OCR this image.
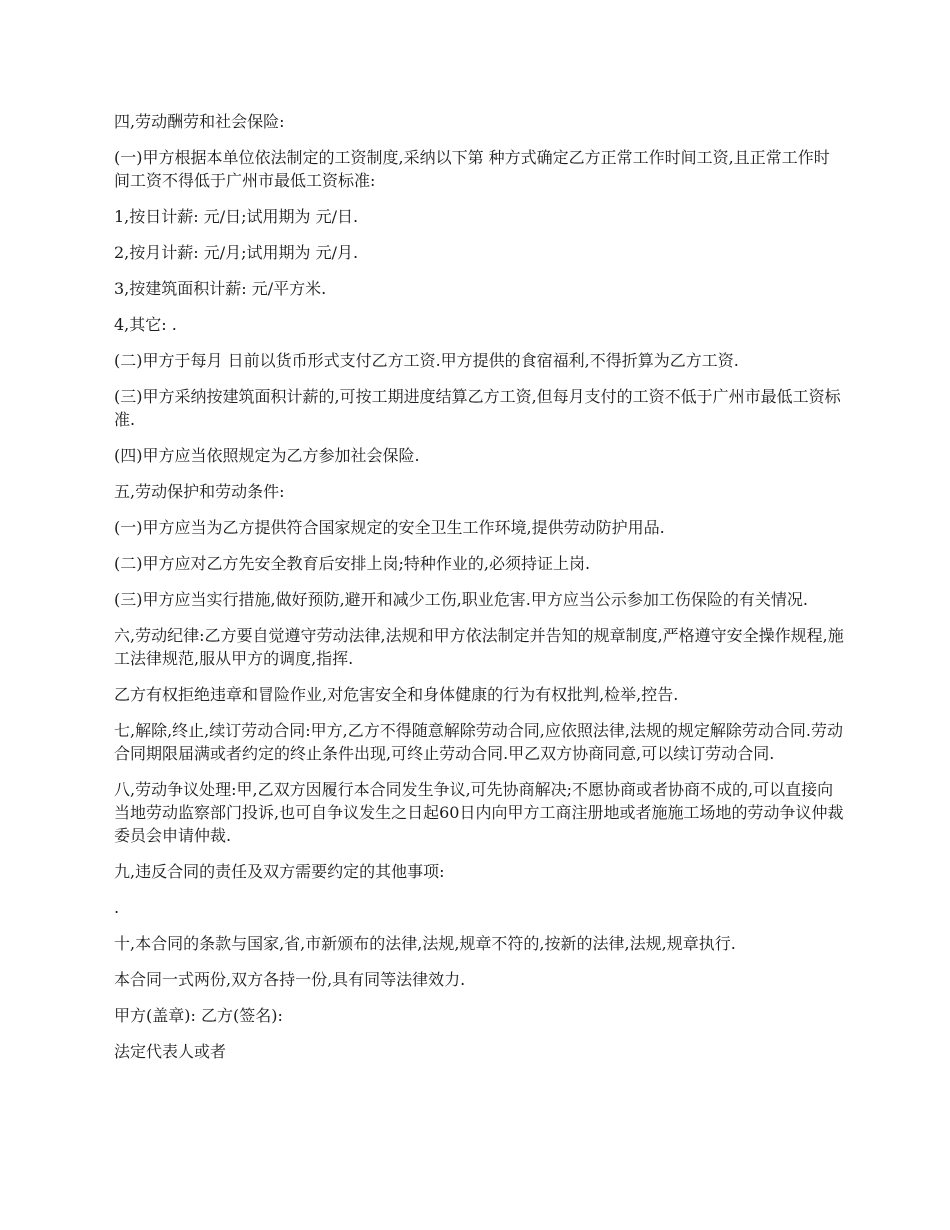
四,劳动酬劳和社会保险:

(一)甲方根据本单位依法制定的工资制度,采纳以下第 种方式确定乙方正常工作时间工资,且正常工作时间工资不得低于广州市最低工资标准:

1,按日计薪: 元/日;试用期为 元/日.

2,按月计薪: 元/月;试用期为 元/月.

3,按建筑面积计薪: 元/平方米.

4,其它: .

(二)甲方于每月 日前以货币形式支付乙方工资.甲方提供的食宿福利,不得折算为乙方工资.

(三)甲方采纳按建筑面积计薪的,可按工期进度结算乙方工资,但每月支付的工资不低于广州市最低工资标准.

(四)甲方应当依照规定为乙方参加社会保险.

五,劳动保护和劳动条件:

(一)甲方应当为乙方提供符合国家规定的安全卫生工作环境,提供劳动防护用品.

(二)甲方应对乙方先安全教育后安排上岗;特种作业的,必须持证上岗.

(三)甲方应当实行措施,做好预防,避开和减少工伤,职业危害.甲方应当公示参加工伤保险的有关情况.

六,劳动纪律:乙方要自觉遵守劳动法律,法规和甲方依法制定并告知的规章制度,严格遵守安全操作规程,施工法律规范,服从甲方的调度,指挥.

乙方有权拒绝违章和冒险作业,对危害安全和身体健康的行为有权批判,检举,控告.

七,解除,终止,续订劳动合同:甲方,乙方不得随意解除劳动合同,应依照法律,法规的规定解除劳动合同.劳动合同期限届满或者约定的终止条件出现,可终止劳动合同.甲乙双方协商同意,可以续订劳动合同.

八,劳动争议处理:甲,乙双方因履行本合同发生争议,可先协商解决;不愿协商或者协商不成的,可以直接向当地劳动监察部门投诉,也可自争议发生之日起60日内向甲方工商注册地或者施施工场地的劳动争议仲裁委员会申请仲裁.

九,违反合同的责任及双方需要约定的其他事项:

.

十,本合同的条款与国家,省,市新颁布的法律,法规,规章不符的,按新的法律,法规,规章执行.

本合同一式两份,双方各持一份,具有同等法律效力.

甲方(盖章): 乙方(签名):

法定代表人或者
